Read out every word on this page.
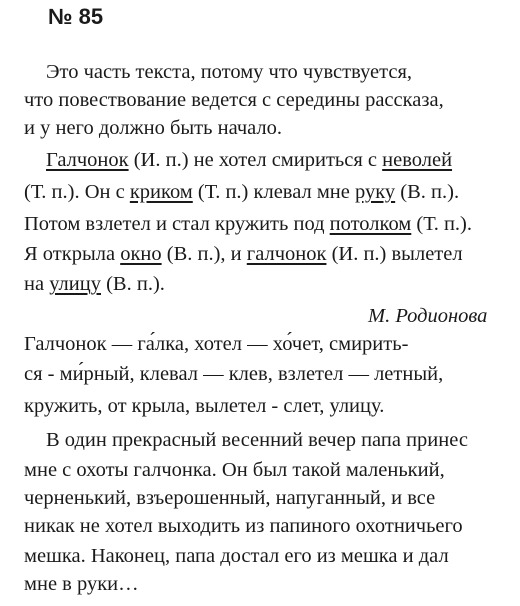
№ 85
Это часть текста, потому что чувствуется,
что повествование ведется с середины рассказа,
и у него должно быть начало.
Галчонок (И. п.) не хотел смириться с неволей
(Т. п.). Он с криком (Т. п.) клевал мне руку (В. п.).
Потом взлетел и стал кружить под потолком (Т. п.).
Я открыла окно (В. п.), и галчонок (И. п.) вылетел
на улицу (В. п.).
М. Родионова
Галчонок — га́лка, хотел — хо́чет, смирить-
ся - ми́рный, клевал — клев, взлетел — летный,
кружить, от крыла, вылетел - слет, улицу.
В один прекрасный весенний вечер папа принес
мне с охоты галчонка. Он был такой маленький,
черненький, взъерошенный, напуганный, и все
никак не хотел выходить из папиного охотничьего
мешка. Наконец, папа достал его из мешка и дал
мне в руки…
